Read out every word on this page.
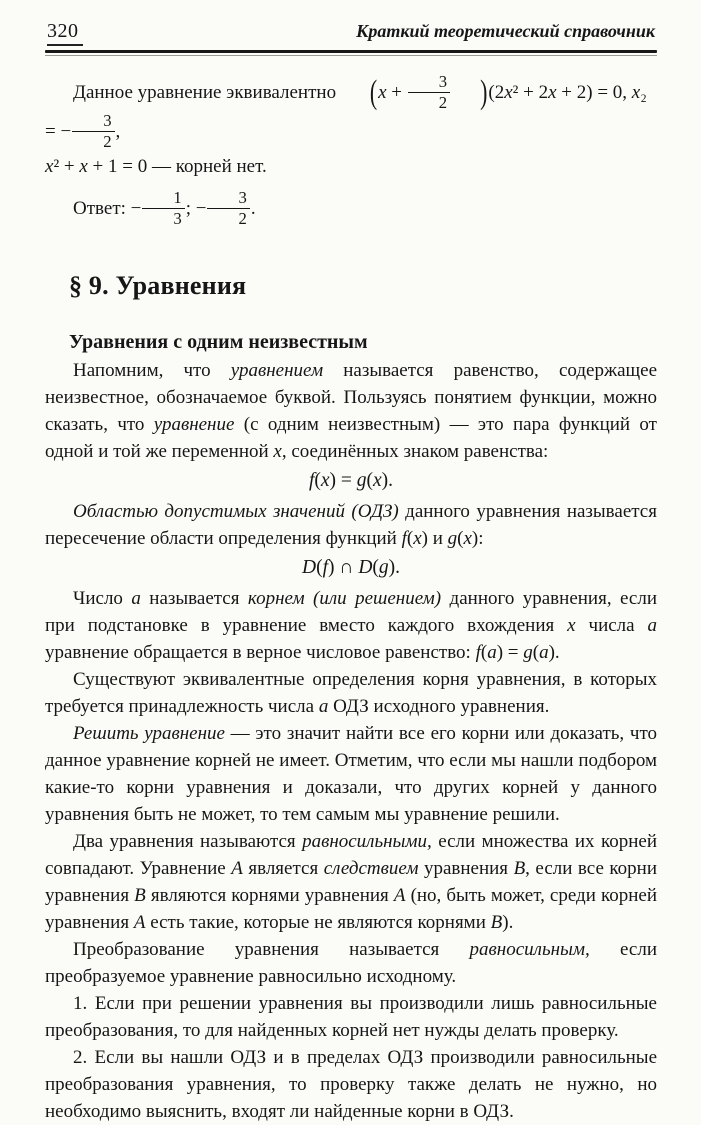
320	Краткий теоретический справочник

Данное уравнение эквивалентно $(x + \frac{3}{2} )(2x^2 + 2x + 2) = 0$, x₂ = − $\frac{3}{2}$ ,

x² + x + 1 = 0 — корней нет.

Ответ: − $\frac{1}{3}$ ; − $\frac{3}{2}$ .

§ 9. Уравнения
Уравнения с одним неизвестным

Напомним, что уравнением называется равенство, содержащее неизвестное, обозначаемое буквой. Пользуясь понятием функции, можно сказать, что уравнение (с одним неизвестным) — это пара функций от одной и той же переменной x, соединённых знаком равенства:

f(x) = g(x).

Областью допустимых значений (ОДЗ) данного уравнения называется пересечение области определения функций f(x) и g(x):

D(f) ∩ D(g).

Число a называется корнем (или решением) данного уравнения, если при подстановке в уравнение вместо каждого вхождения x числа a уравнение обращается в верное числовое равенство: f(a) = g(a).

Существуют эквивалентные определения корня уравнения, в которых требуется принадлежность числа a ОДЗ исходного уравнения.

Решить уравнение — это значит найти все его корни или доказать, что данное уравнение корней не имеет. Отметим, что если мы нашли подбором какие-то корни уравнения и доказали, что других корней у данного уравнения быть не может, то тем самым мы уравнение решили.

Два уравнения называются равносильными, если множества их корней совпадают. Уравнение A является следствием уравнения B, если все корни уравнения B являются корнями уравнения A (но, быть может, среди корней уравнения A есть такие, которые не являются корнями B).

Преобразование уравнения называется равносильным, если преобразуемое уравнение равносильно исходному.

1. Если при решении уравнения вы производили лишь равносильные преобразования, то для найденных корней нет нужды делать проверку.

2. Если вы нашли ОДЗ и в пределах ОДЗ производили равносильные преобразования уравнения, то проверку также делать не нужно, но необходимо выяснить, входят ли найденные корни в ОДЗ.
